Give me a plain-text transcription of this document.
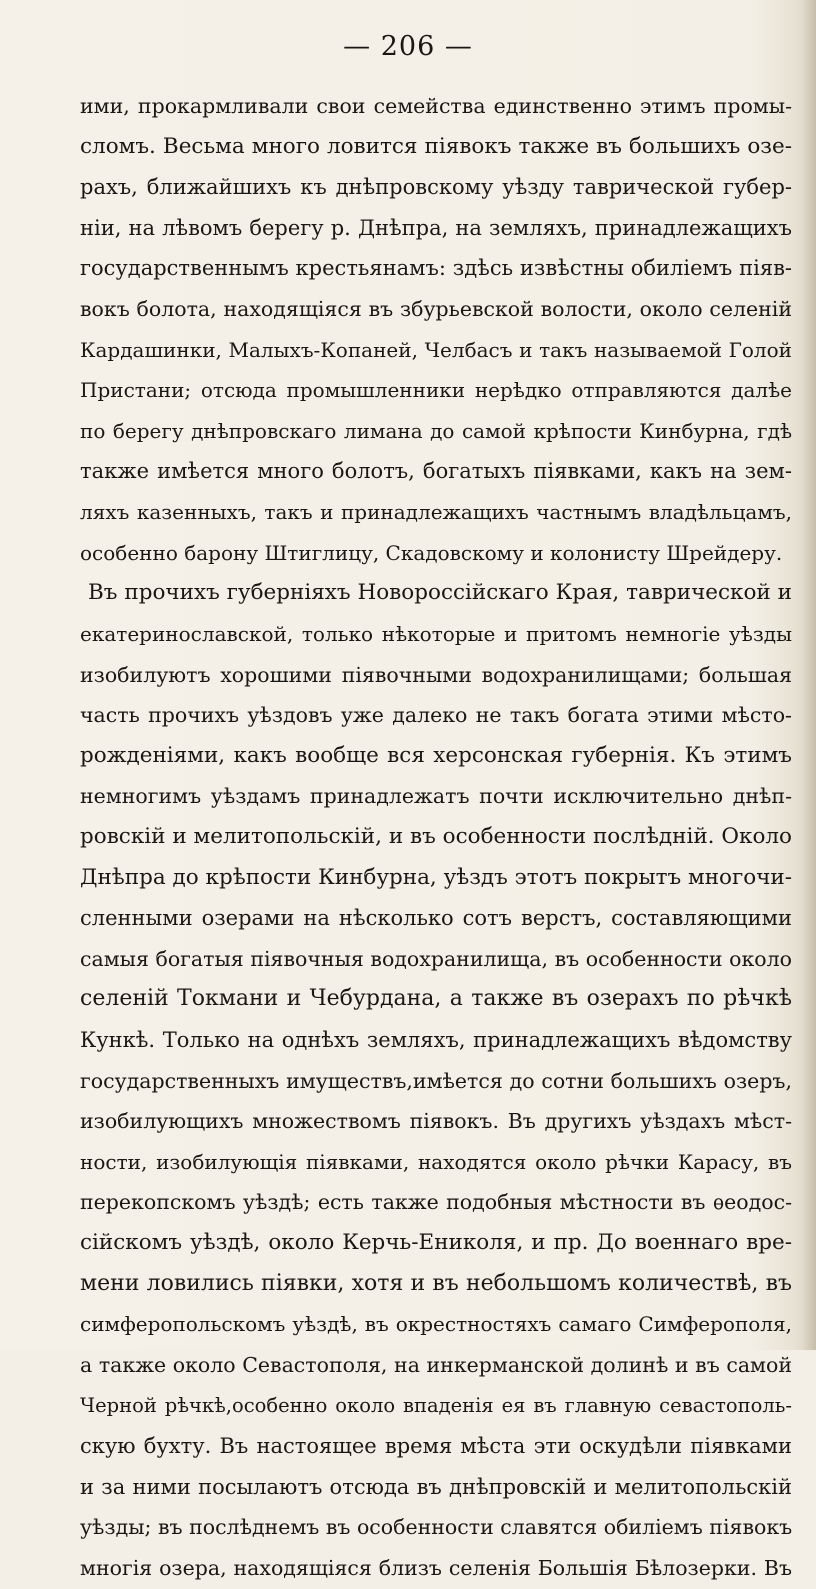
— 206 —
ими, прокармливали свои семейства единственно этимъ промы-
сломъ. Весьма много ловится піявокъ также въ большихъ озе-
рахъ, ближайшихъ къ днѣпровскому уѣзду таврической губер-
ніи, на лѣвомъ берегу р. Днѣпра, на земляхъ, принадлежащихъ
государственнымъ крестьянамъ: здѣсь извѣстны обиліемъ піяв-
вокъ болота, находящіяся въ збурьевской волости, около селеній
Кардашинки, Малыхъ-Копаней, Челбасъ и такъ называемой Голой
Пристани; отсюда промышленники нерѣдко отправляются далѣе
по берегу днѣпровскаго лимана до самой крѣпости Кинбурна, гдѣ
также имѣется много болотъ, богатыхъ піявками, какъ на зем-
ляхъ казенныхъ, такъ и принадлежащихъ частнымъ владѣльцамъ,
особенно барону Штиглицу, Скадовскому и колонисту Шрейдеру.
Въ прочихъ губерніяхъ Новороссійскаго Края, таврической и
екатеринославской, только нѣкоторые и притомъ немногіе уѣзды
изобилуютъ хорошими піявочными водохранилищами; большая
часть прочихъ уѣздовъ уже далеко не такъ богата этими мѣсто-
рожденіями, какъ вообще вся херсонская губернія. Къ этимъ
немногимъ уѣздамъ принадлежатъ почти исключительно днѣп-
ровскій и мелитопольскій, и въ особенности послѣдній. Около
Днѣпра до крѣпости Кинбурна, уѣздъ этотъ покрытъ многочи-
сленными озерами на нѣсколько сотъ верстъ, составляющими
самыя богатыя піявочныя водохранилища, въ особенности около
селеній Токмани и Чебурдана, а также въ озерахъ по рѣчкѣ
Кункѣ. Только на однѣхъ земляхъ, принадлежащихъ вѣдомству
государственныхъ имуществъ,имѣется до сотни большихъ озеръ,
изобилующихъ множествомъ піявокъ. Въ другихъ уѣздахъ мѣст-
ности, изобилующія піявками, находятся около рѣчки Карасу, въ
перекопскомъ уѣздѣ; есть также подобныя мѣстности въ ѳеодос-
сійскомъ уѣздѣ, около Керчь-Ениколя, и пр. До военнаго вре-
мени ловились піявки, хотя и въ небольшомъ количествѣ, въ
симферопольскомъ уѣздѣ, въ окрестностяхъ самаго Симферополя,
а также около Севастополя, на инкерманской долинѣ и въ самой
Черной рѣчкѣ,особенно около впаденія ея въ главную севастополь-
скую бухту. Въ настоящее время мѣста эти оскудѣли піявками
и за ними посылаютъ отсюда въ днѣпровскій и мелитопольскій
уѣзды; въ послѣднемъ въ особенности славятся обиліемъ піявокъ
многія озера, находящіяся близъ селенія Большія Бѣлозерки. Въ
